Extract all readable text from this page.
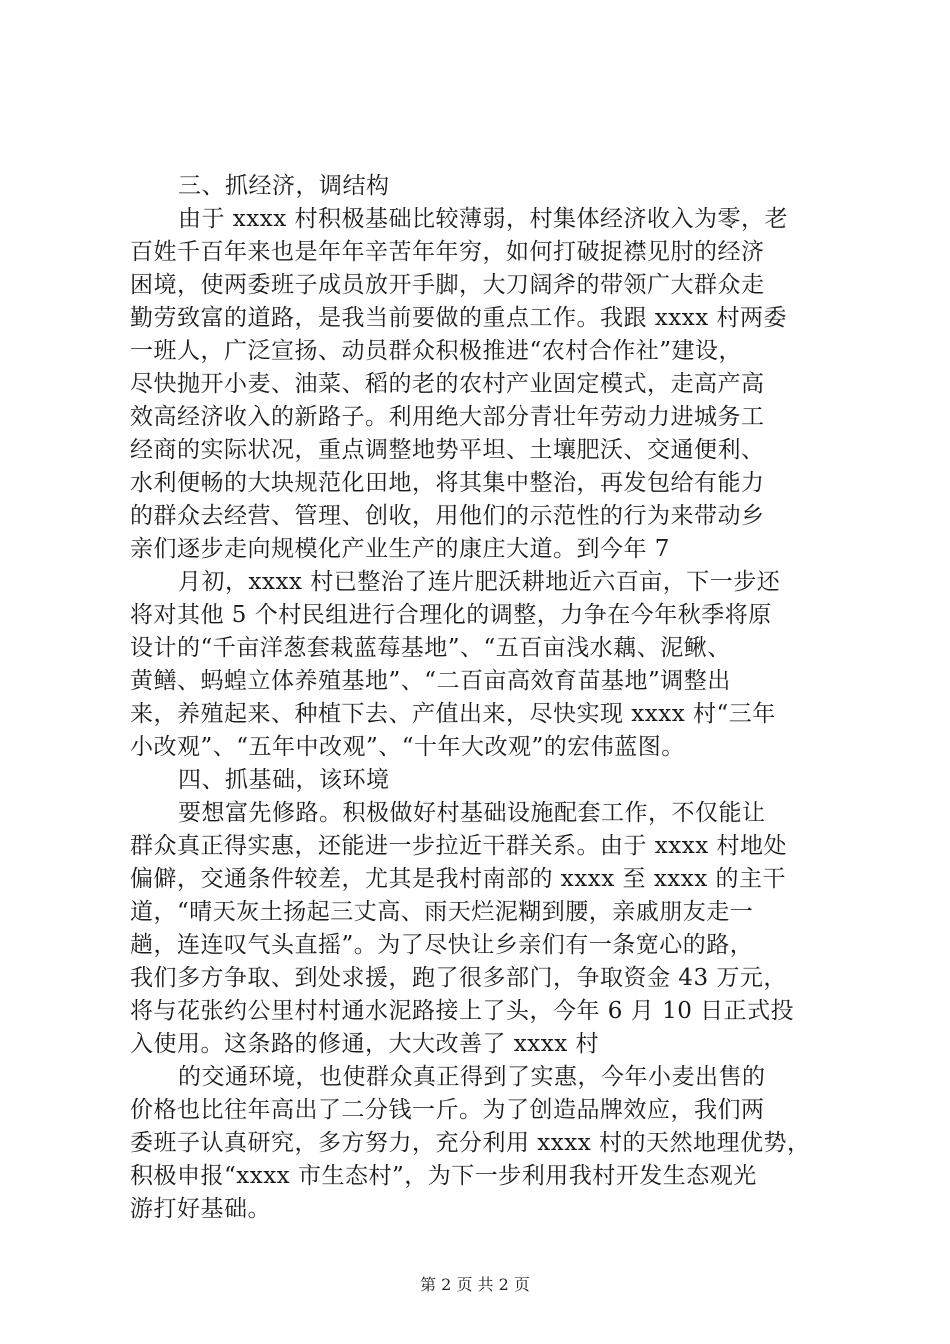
三、抓经济，调结构
由于 xxxx 村积极基础比较薄弱，村集体经济收入为零，老
百姓千百年来也是年年辛苦年年穷，如何打破捉襟见肘的经济
困境，使两委班子成员放开手脚，大刀阔斧的带领广大群众走
勤劳致富的道路，是我当前要做的重点工作。我跟 xxxx 村两委
一班人，广泛宣扬、动员群众积极推进“农村合作社”建设，
尽快抛开小麦、油菜、稻的老的农村产业固定模式，走高产高
效高经济收入的新路子。利用绝大部分青壮年劳动力进城务工
经商的实际状况，重点调整地势平坦、土壤肥沃、交通便利、
水利便畅的大块规范化田地，将其集中整治，再发包给有能力
的群众去经营、管理、创收，用他们的示范性的行为来带动乡
亲们逐步走向规模化产业生产的康庄大道。到今年 7
月初，xxxx 村已整治了连片肥沃耕地近六百亩，下一步还
将对其他 5 个村民组进行合理化的调整，力争在今年秋季将原
设计的“千亩洋葱套栽蓝莓基地”、“五百亩浅水藕、泥鳅、
黄鳝、蚂蝗立体养殖基地”、“二百亩高效育苗基地”调整出
来，养殖起来、种植下去、产值出来，尽快实现 xxxx 村“三年
小改观”、“五年中改观”、“十年大改观”的宏伟蓝图。
四、抓基础，该环境
要想富先修路。积极做好村基础设施配套工作，不仅能让
群众真正得实惠，还能进一步拉近干群关系。由于 xxxx 村地处
偏僻，交通条件较差，尤其是我村南部的 xxxx 至 xxxx 的主干
道，“晴天灰土扬起三丈高、雨天烂泥糊到腰，亲戚朋友走一
趟，连连叹气头直摇”。为了尽快让乡亲们有一条宽心的路，
我们多方争取、到处求援，跑了很多部门，争取资金 43 万元，
将与花张约公里村村通水泥路接上了头，今年 6 月 10 日正式投
入使用。这条路的修通，大大改善了 xxxx 村
的交通环境，也使群众真正得到了实惠，今年小麦出售的
价格也比往年高出了二分钱一斤。为了创造品牌效应，我们两
委班子认真研究，多方努力，充分利用 xxxx 村的天然地理优势，
积极申报“xxxx 市生态村”，为下一步利用我村开发生态观光
游打好基础。
第 2 页 共 2 页
